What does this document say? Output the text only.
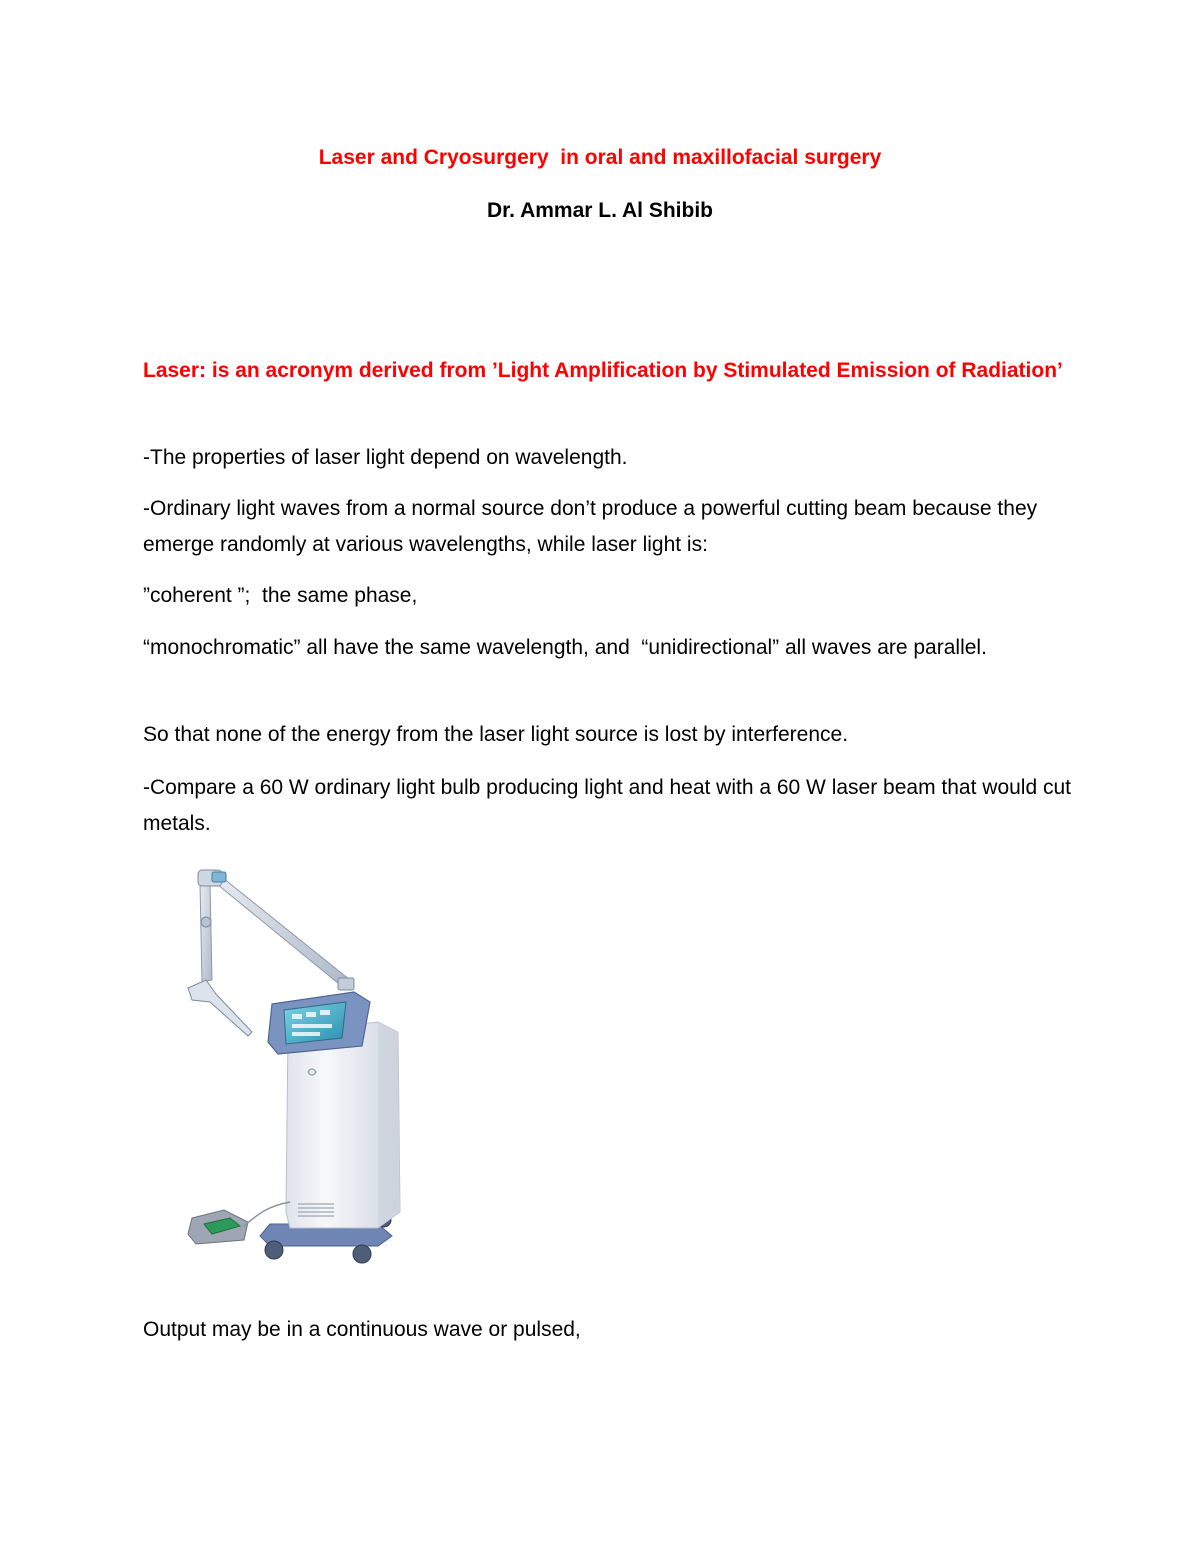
Laser and Cryosurgery  in oral and maxillofacial surgery
Dr. Ammar L. Al Shibib
Laser: is an acronym derived from ’Light Amplification by Stimulated Emission of Radiation’
-The properties of laser light depend on wavelength.
-Ordinary light waves from a normal source don’t produce a powerful cutting beam because they emerge randomly at various wavelengths, while laser light is:
”coherent ”;  the same phase,
“monochromatic” all have the same wavelength, and  “unidirectional” all waves are parallel.
So that none of the energy from the laser light source is lost by interference.
-Compare a 60 W ordinary light bulb producing light and heat with a 60 W laser beam that would cut metals.
Output may be in a continuous wave or pulsed,
